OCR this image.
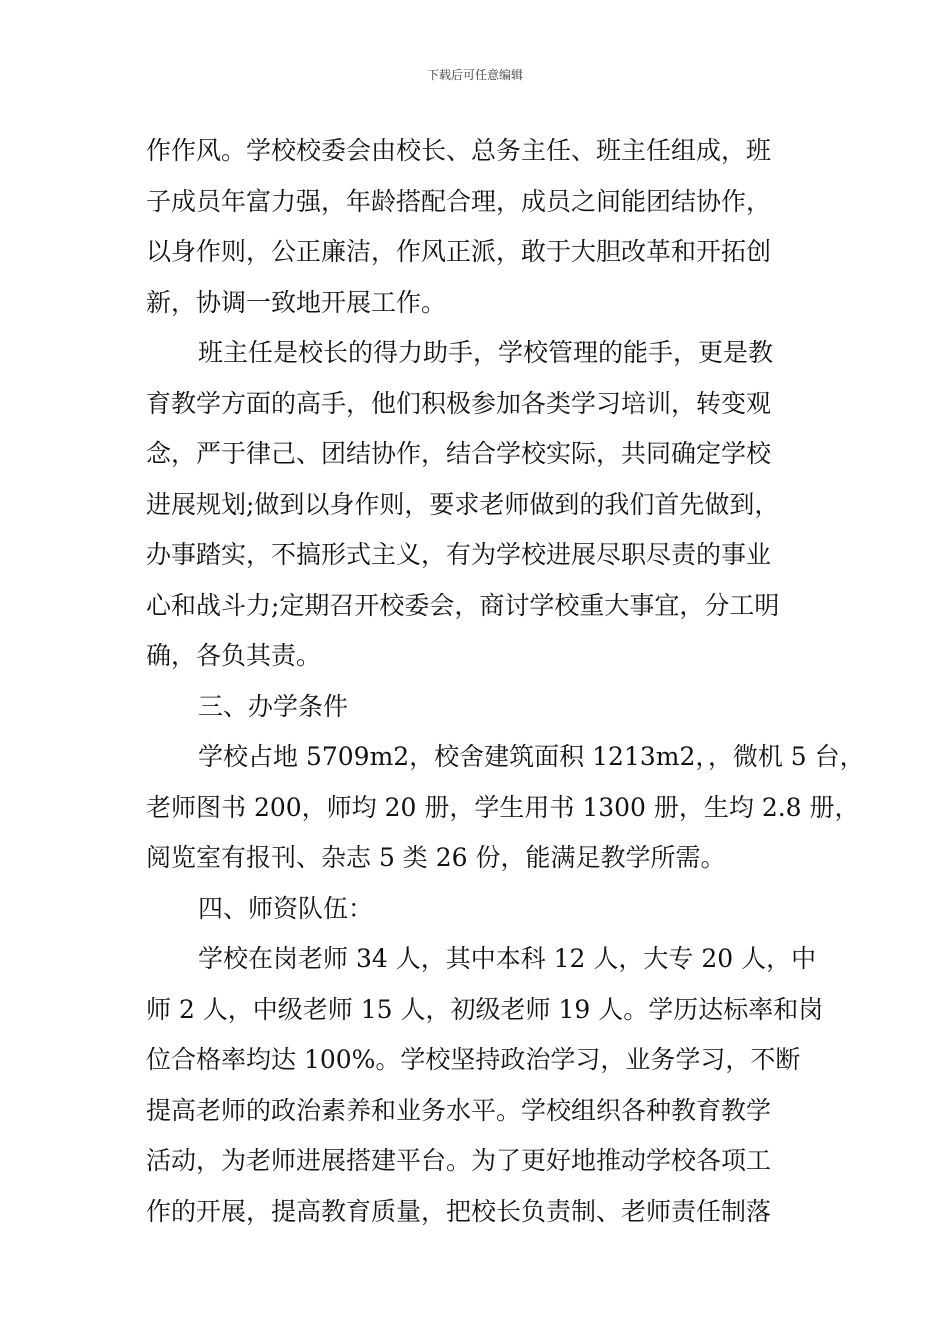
下载后可任意编辑
作作风。学校校委会由校长、总务主任、班主任组成，班
子成员年富力强，年龄搭配合理，成员之间能团结协作，
以身作则，公正廉洁，作风正派，敢于大胆改革和开拓创
新，协调一致地开展工作。
班主任是校长的得力助手，学校管理的能手，更是教
育教学方面的高手，他们积极参加各类学习培训，转变观
念，严于律己、团结协作，结合学校实际，共同确定学校
进展规划;做到以身作则，要求老师做到的我们首先做到，
办事踏实，不搞形式主义，有为学校进展尽职尽责的事业
心和战斗力;定期召开校委会，商讨学校重大事宜，分工明
确，各负其责。
三、办学条件
学校占地 5709m2，校舍建筑面积 1213m2，，微机 5 台，
老师图书 200，师均 20 册，学生用书 1300 册，生均 2.8 册，
阅览室有报刊、杂志 5 类 26 份，能满足教学所需。
四、师资队伍：
学校在岗老师 34 人，其中本科 12 人，大专 20 人，中
师 2 人，中级老师 15 人，初级老师 19 人。学历达标率和岗
位合格率均达 100%。学校坚持政治学习，业务学习，不断
提高老师的政治素养和业务水平。学校组织各种教育教学
活动，为老师进展搭建平台。为了更好地推动学校各项工
作的开展，提高教育质量，把校长负责制、老师责任制落
